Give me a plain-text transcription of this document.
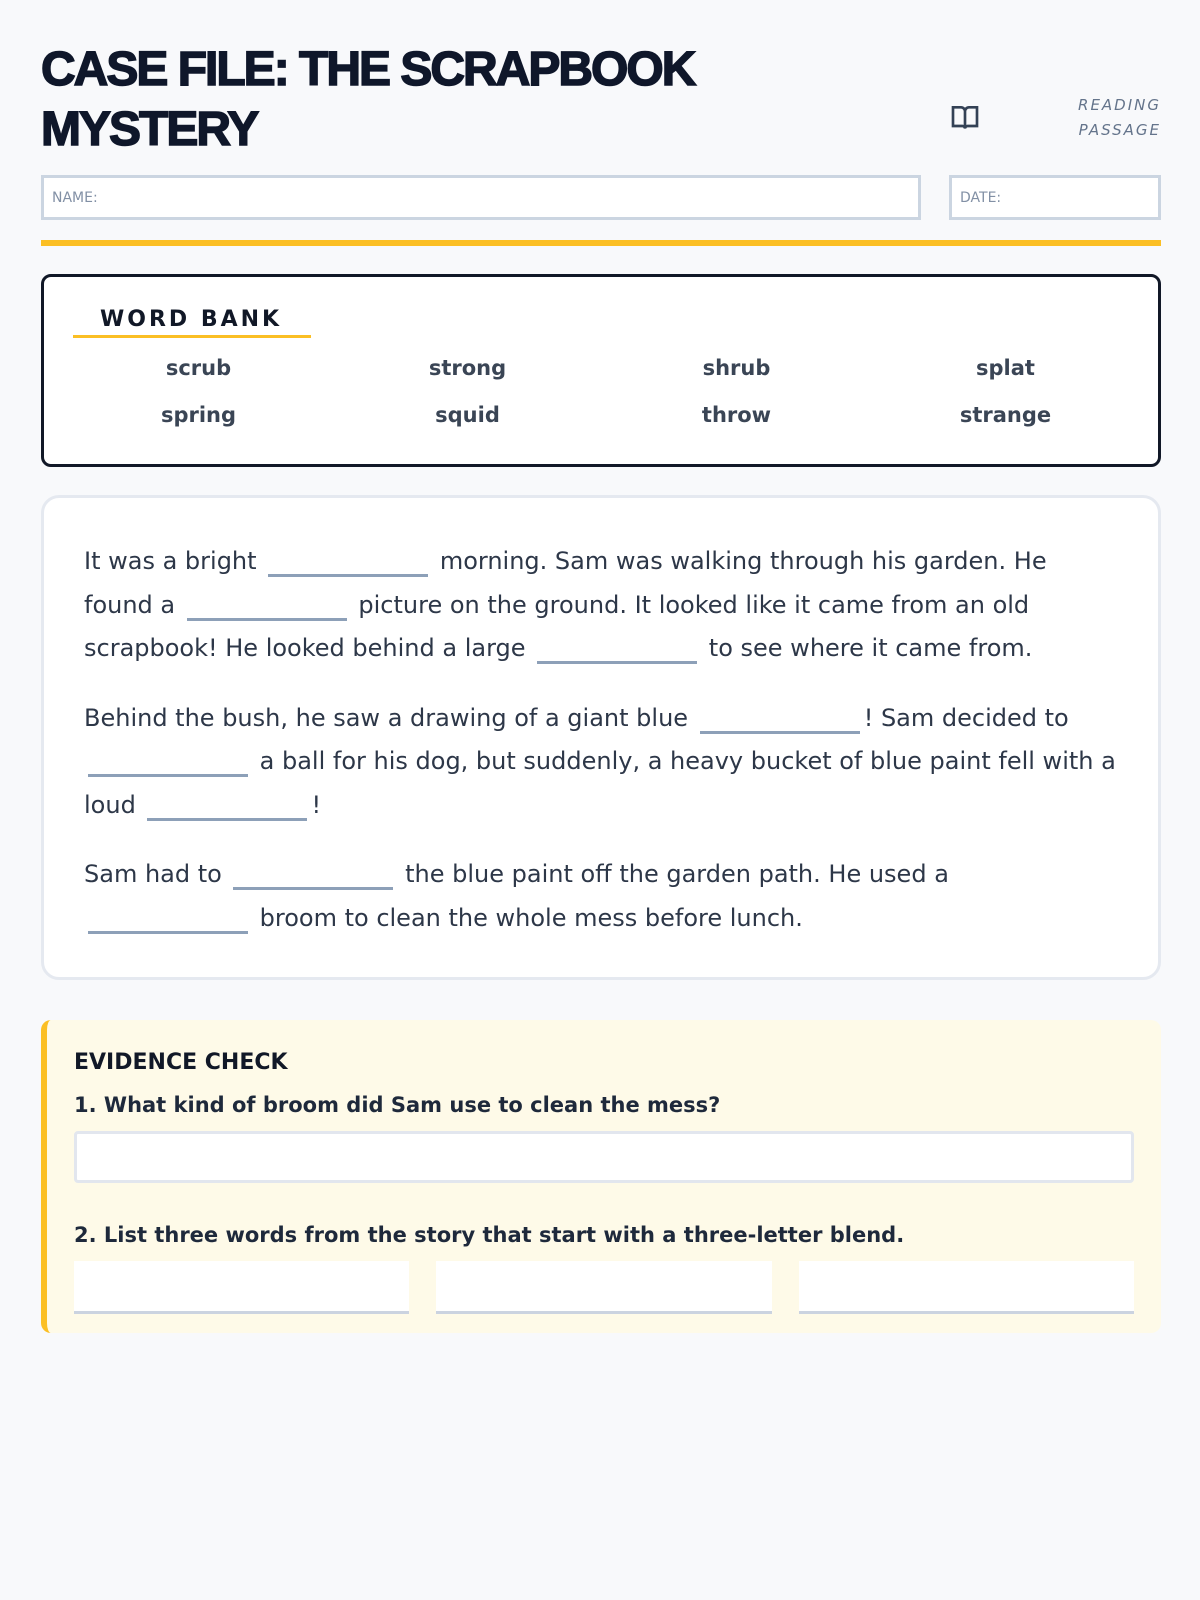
CASE FILE: THE SCRAPBOOK MYSTERY	READING PASSAGE
NAME:	DATE:
WORD BANK
scrub	strong	shrub	splat
spring	squid	throw	strange

It was a bright	morning. Sam was walking through his garden. He found a	picture on the ground. It looked like it came from an old scrapbook! He looked behind a large	to see where it came from.

Behind the bush, he saw a drawing of a giant blue	! Sam decided to  a ball for his dog, but suddenly, a heavy bucket of blue paint fell with a loud	!

Sam had to	the blue paint off the garden path. He used a  broom to clean the whole mess before lunch.

EVIDENCE CHECK
1. What kind of broom did Sam use to clean the mess?
2. List three words from the story that start with a three-letter blend.
